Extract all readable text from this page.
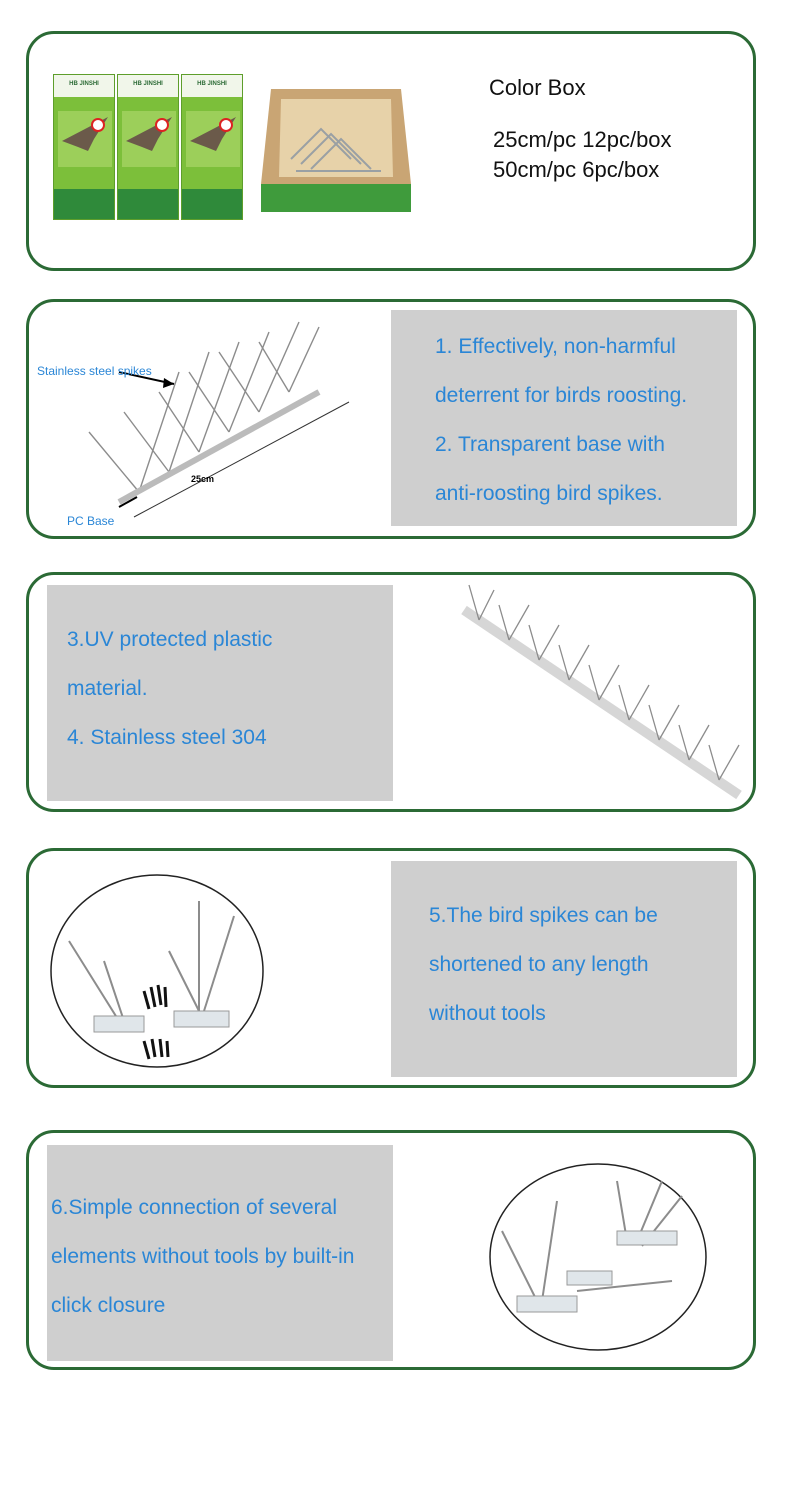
HB JINSHI	HB JINSHI	HB JINSHI	Color Box
25cm/pc 12pc/box
50cm/pc 6pc/box
Stainless steel spikes
PC Base
25cm
1. Effectively, non-harmful
deterrent for birds roosting.
2. Transparent base with
anti-roosting bird spikes.
3.UV protected plastic
material.
4. Stainless steel 304
5.The bird spikes can be
shortened to any length
without tools
6.Simple connection of several
elements without tools by built-in
click closure
